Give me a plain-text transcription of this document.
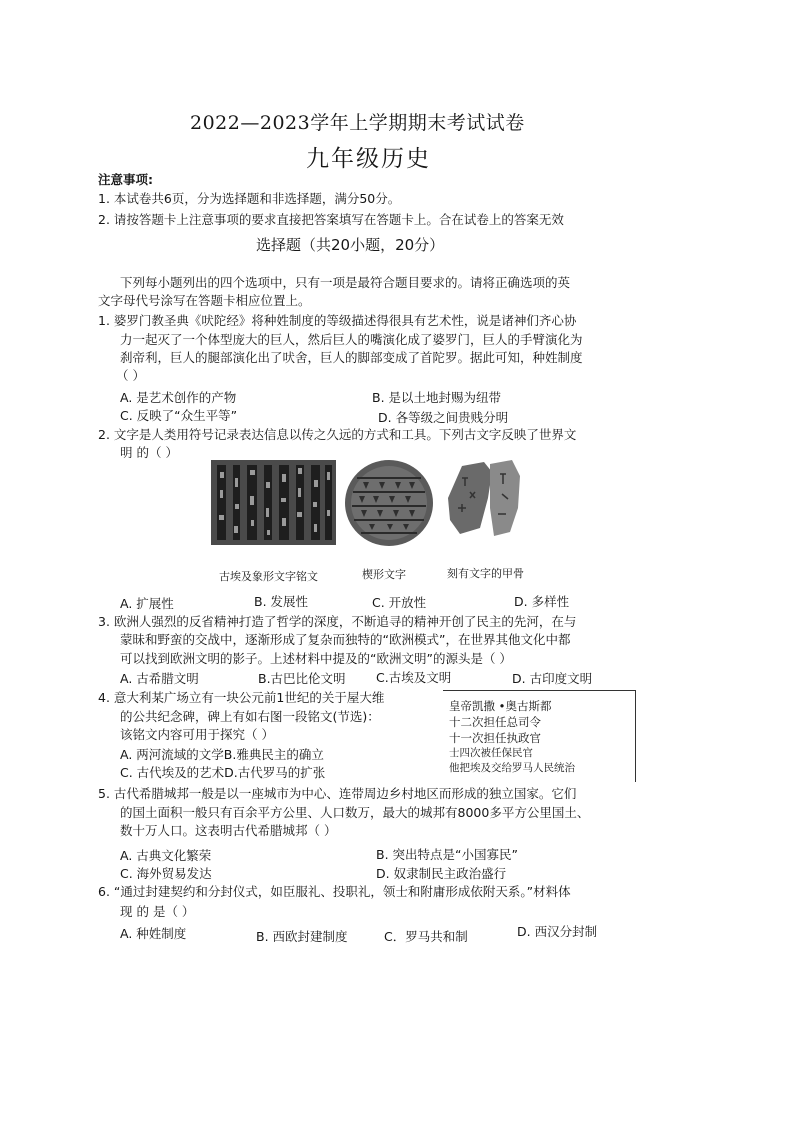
2022—2023学年上学期期末考试试卷
九年级历史
注意事项:
1. 本试卷共6页，分为选择题和非选择题，满分50分。
2. 请按答题卡上注意事项的要求直接把答案填写在答题卡上。合在试卷上的答案无效
选择题（共20小题，20分）
下列每小题列出的四个选项中，只有一项是最符合题目要求的。请将正确选项的英
文字母代号涂写在答题卡相应位置上。
1. 婆罗门教圣典《吠陀经》将种姓制度的等级描述得很具有艺术性，说是诸神们齐心协
力一起灭了一个体型庞大的巨人，然后巨人的嘴演化成了婆罗门，巨人的手臂演化为
刹帝利，巨人的腿部演化出了吠舍，巨人的脚部变成了首陀罗。据此可知，种姓制度
（ ）
A. 是艺术创作的产物	B. 是以土地封赐为纽带
C. 反映了“众生平等”	D. 各等级之间贵贱分明
2. 文字是人类用符号记录表达信息以传之久远的方式和工具。下列古文字反映了世界文
明 的（ ）
古埃及象形文字铭文	楔形文字	刻有文字的甲骨
A. 扩展性	B. 发展性	C. 开放性	D. 多样性
3. 欧洲人强烈的反省精神打造了哲学的深度，不断追寻的精神开创了民主的先河，在与
蒙昧和野蛮的交战中，逐渐形成了复杂而独特的“欧洲模式”，在世界其他文化中都
可以找到欧洲文明的影子。上述材料中提及的“欧洲文明”的源头是（ ）
A. 古希腊文明	B.古巴比伦文明 C.古埃及文明	D. 古印度文明
4. 意大利某广场立有一块公元前1世纪的关于屋大维
的公共纪念碑，碑上有如右图一段铭文(节选)：
该铭文内容可用于探究（ ）
A. 两河流域的文学B.雅典民主的确立
C. 古代埃及的艺术D.古代罗马的扩张
皇帝凯撒 •奥古斯都
十二次担任总司令
十一次担任执政官
士四次被任保民官
他把埃及交给罗马人民统治
5. 古代希腊城邦一般是以一座城市为中心、连带周边乡村地区而形成的独立国家。它们
的国土面积一般只有百余平方公里、人口数万，最大的城邦有8000多平方公里国土、
数十万人口。这表明古代希腊城邦（ ）
A. 古典文化繁荣	B. 突出特点是“小国寡民”
C. 海外贸易发达	D. 奴隶制民主政治盛行
6. “通过封建契约和分封仪式，如臣服礼、投职礼，领士和附庸形成依附天系。”材料体
现 的 是（ ）
A. 种姓制度	B. 西欧封建制度	C．罗马共和制	D. 西汉分封制
